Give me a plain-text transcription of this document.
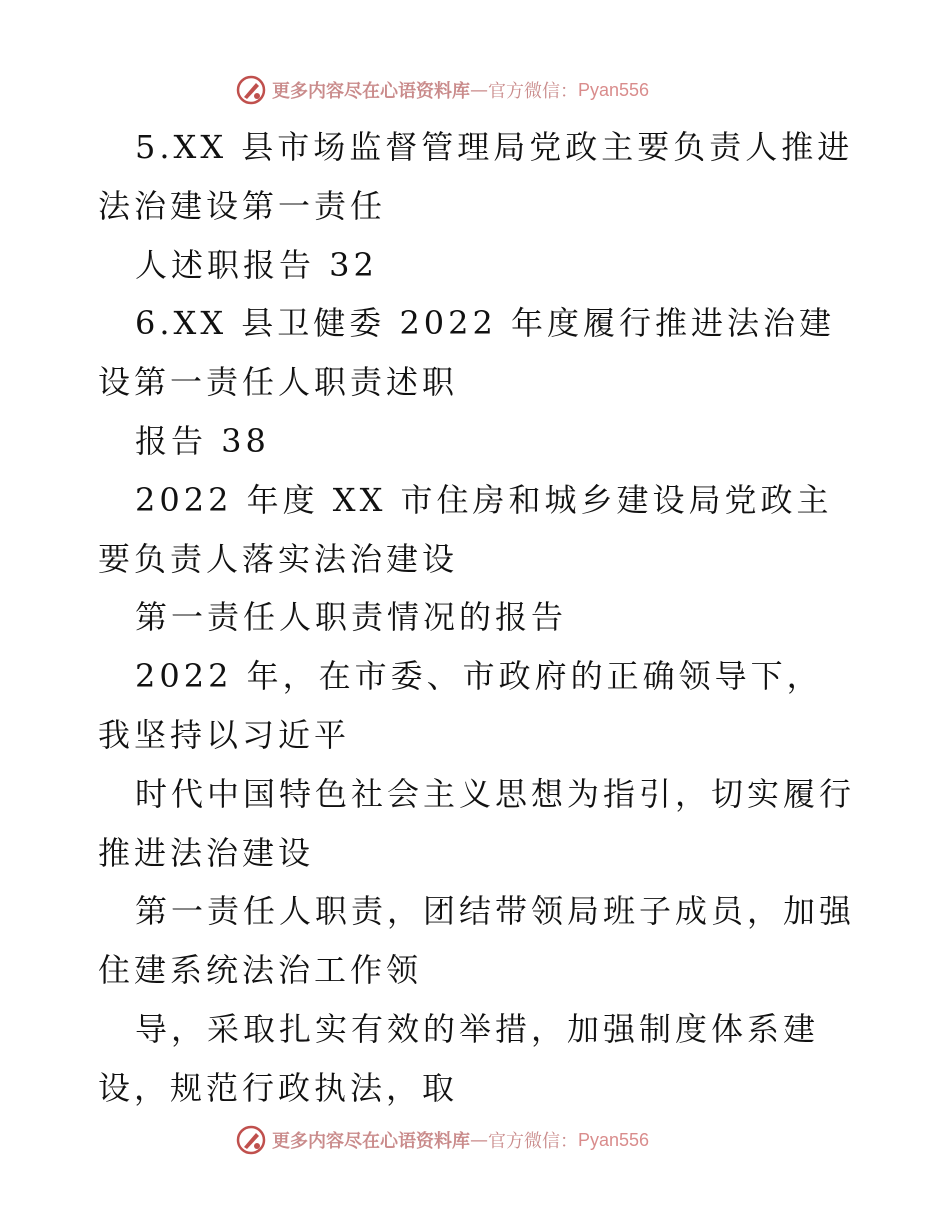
更多内容尽在心语资料库 — 官方微信： Pyan556

5.XX 县市场监督管理局党政主要负责人推进法治建设第一责任

人述职报告 32

6.XX 县卫健委 2022 年度履行推进法治建设第一责任人职责述职

报告 38

2022 年度 XX 市住房和城乡建设局党政主要负责人落实法治建设

第一责任人职责情况的报告

2022 年，在市委、市政府的正确领导下，我坚持以习近平

时代中国特色社会主义思想为指引，切实履行推进法治建设

第一责任人职责，团结带领局班子成员，加强住建系统法治工作领

导，采取扎实有效的举措，加强制度体系建设，规范行政执法，取

更多内容尽在心语资料库 — 官方微信： Pyan556
